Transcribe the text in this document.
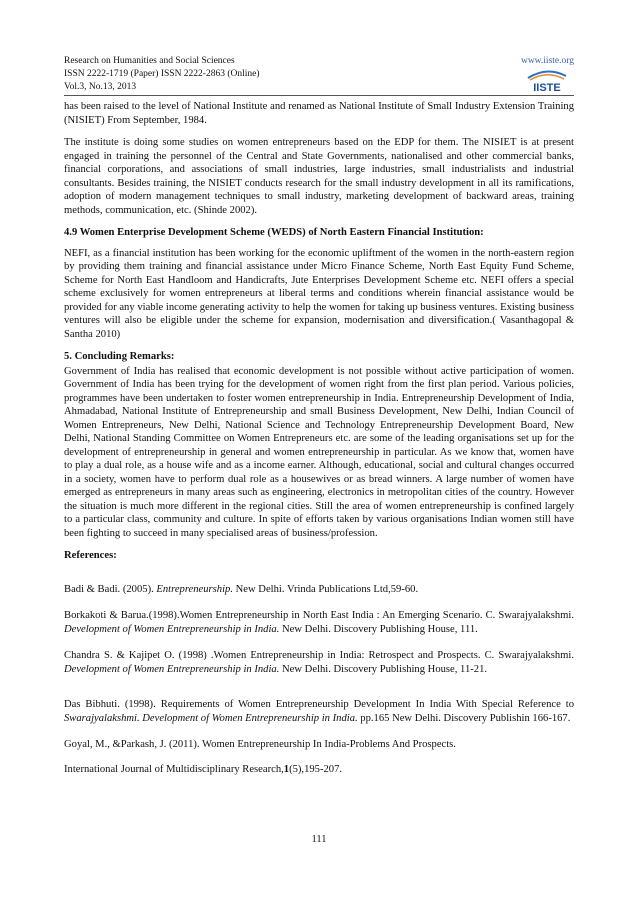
Research on Humanities and Social Sciences
ISSN 2222-1719 (Paper) ISSN 2222-2863 (Online)
Vol.3, No.13, 2013
www.iiste.org
IISTE

has been raised to the level of National Institute and renamed as National Institute of Small Industry Extension Training (NISIET) From September, 1984.

The institute is doing some studies on women entrepreneurs based on the EDP for them. The NISIET is at present engaged in training the personnel of the Central and State Governments, nationalised and other commercial banks, financial corporations, and associations of small industries, large industries, small industrialists and industrial consultants. Besides training, the NISIET conducts research for the small industry development in all its ramifications, adoption of modern management techniques to small industry, marketing development of backward areas, training methods, communication, etc. (Shinde 2002).

4.9 Women Enterprise Development Scheme (WEDS) of North Eastern Financial Institution:

NEFI, as a financial institution has been working for the economic upliftment of the women in the north-eastern region by providing them training and financial assistance under Micro Finance Scheme, North East Equity Fund Scheme, Scheme for North East Handloom and Handicrafts, Jute Enterprises Development Scheme etc. NEFI offers a special scheme exclusively for women entrepreneurs at liberal terms and conditions wherein financial assistance would be provided for any viable income generating activity to help the women for taking up business ventures. Existing business ventures will also be eligible under the scheme for expansion, modernisation and diversification.( Vasanthagopal & Santha 2010)

5. Concluding Remarks:

Government of India has realised that economic development is not possible without active participation of women. Government of India has been trying for the development of women right from the first plan period. Various policies, programmes have been undertaken to foster women entrepreneurship in India. Entrepreneurship Development of India, Ahmadabad, National Institute of Entrepreneurship and small Business Development, New Delhi, Indian Council of Women Entrepreneurs, New Delhi, National Science and Technology Entrepreneurship Development Board, New Delhi, National Standing Committee on Women Entrepreneurs etc. are some of the leading organisations set up for the development of entrepreneurship in general and women entrepreneurship in particular. As we know that, women have to play a dual role, as a house wife and as a income earner. Although, educational, social and cultural changes occurred in a society, women have to perform dual role as a housewives or as bread winners. A large number of women have emerged as entrepreneurs in many areas such as engineering, electronics in metropolitan cities of the country. However the situation is much more different in the regional cities. Still the area of women entrepreneurship is confined largely to a particular class, community and culture. In spite of efforts taken by various organisations Indian women still have been fighting to succeed in many specialised areas of business/profession.

References:

Badi & Badi. (2005). Entrepreneurship. New Delhi. Vrinda Publications Ltd,59-60.

Borkakoti & Barua.(1998).Women Entrepreneurship in North East India : An Emerging Scenario. C. Swarajyalakshmi. Development of Women Entrepreneurship in India. New Delhi. Discovery Publishing House, 111.

Chandra S. & Kajipet O. (1998) .Women Entrepreneurship in India: Retrospect and Prospects. C. Swarajyalakshmi. Development of Women Entrepreneurship in India. New Delhi. Discovery Publishing House, 11-21.

Das Bibhuti. (1998). Requirements of Women Entrepreneurship Development In India With Special Reference to Swarajyalakshmi. Development of Women Entrepreneurship in India. pp.165 New Delhi. Discovery Publishin 166-167.

Goyal, M., &Parkash, J. (2011). Women Entrepreneurship In India-Problems And Prospects.

International Journal of Multidisciplinary Research,1(5),195-207.

111
